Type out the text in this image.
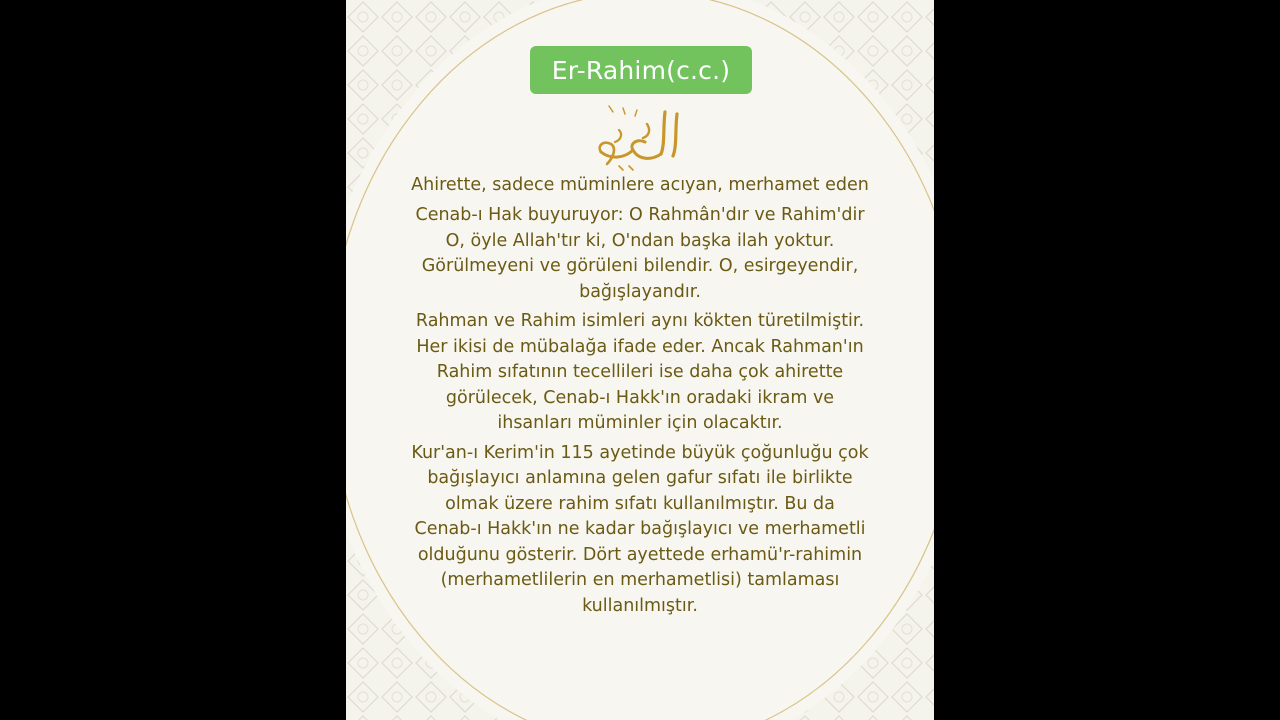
Er-Rahim(c.c.)
الرحيم

Ahirette, sadece müminlere acıyan, merhamet eden

Cenab-ı Hak buyuruyor: O Rahmân'dır ve Rahim'dir
O, öyle Allah'tır ki, O'ndan başka ilah yoktur.
Görülmeyeni ve görüleni bilendir. O, esirgeyendir,
bağışlayandır.

Rahman ve Rahim isimleri aynı kökten türetilmiştir.
Her ikisi de mübalağa ifade eder. Ancak Rahman'ın
Rahim sıfatının tecellileri ise daha çok ahirette
görülecek, Cenab-ı Hakk'ın oradaki ikram ve
ihsanları müminler için olacaktır.

Kur'an-ı Kerim'in 115 ayetinde büyük çoğunluğu çok
bağışlayıcı anlamına gelen gafur sıfatı ile birlikte
olmak üzere rahim sıfatı kullanılmıştır. Bu da
Cenab-ı Hakk'ın ne kadar bağışlayıcı ve merhametli
olduğunu gösterir. Dört ayettede erhamü'r-rahimin
(merhametlilerin en merhametlisi) tamlaması
kullanılmıştır.
